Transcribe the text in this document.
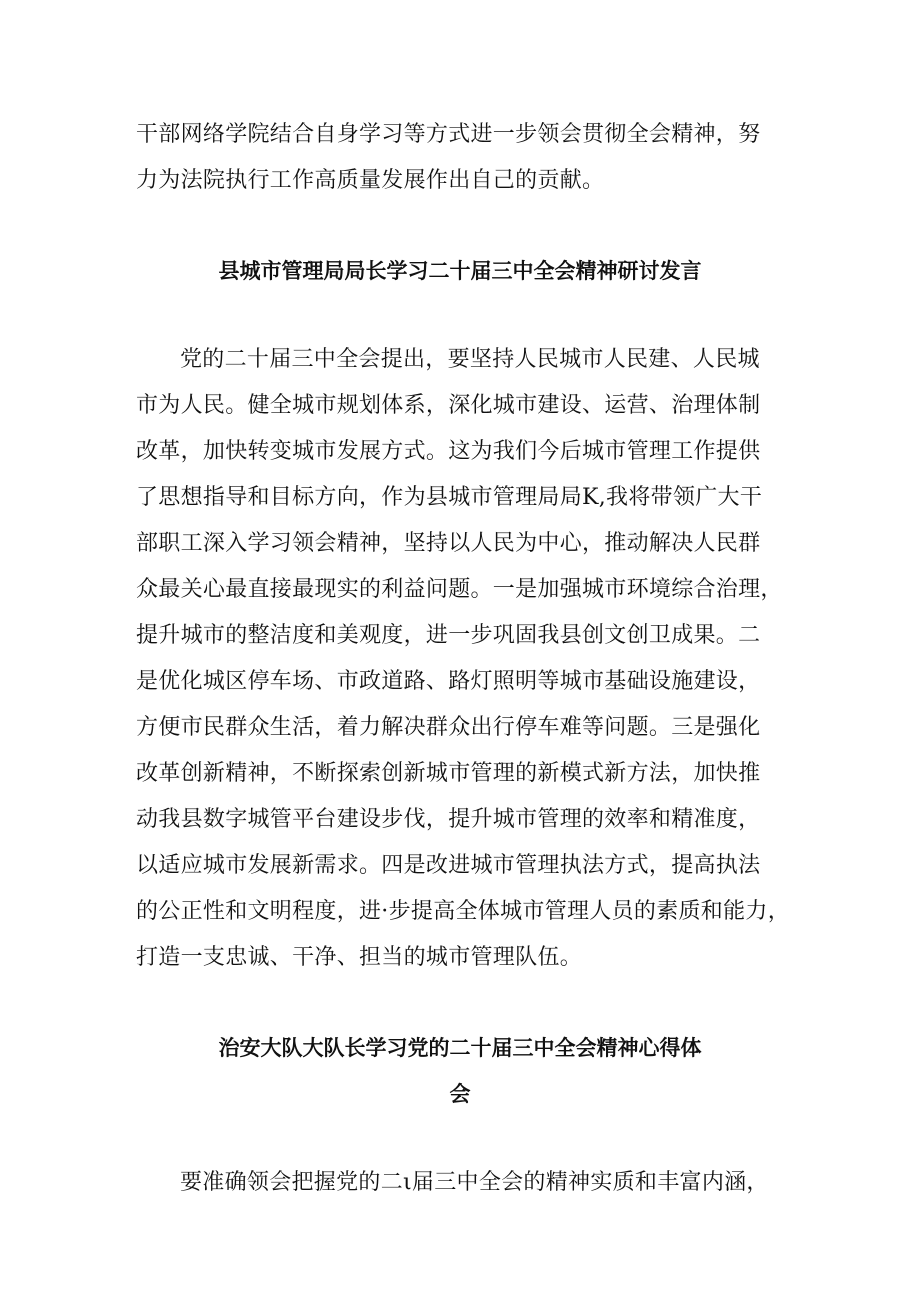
干部网络学院结合自身学习等方式进一步领会贯彻全会精神，努
力为法院执行工作高质量发展作出自己的贡献。
县城市管理局局长学习二十届三中全会精神研讨发言
党的二十届三中全会提出，要坚持人民城市人民建、人民城
市为人民。健全城市规划体系，深化城市建设、运营、治理体制
改革，加快转变城市发展方式。这为我们今后城市管理工作提供
了思想指导和目标方向，作为县城市管理局局K,我将带领广大干
部职工深入学习领会精神，坚持以人民为中心，推动解决人民群
众最关心最直接最现实的利益问题。一是加强城市环境综合治理，
提升城市的整洁度和美观度，进一步巩固我县创文创卫成果。二
是优化城区停车场、市政道路、路灯照明等城市基础设施建设，
方便市民群众生活，着力解决群众出行停车难等问题。三是强化
改革创新精神，不断探索创新城市管理的新模式新方法，加快推
动我县数字城管平台建设步伐，提升城市管理的效率和精准度，
以适应城市发展新需求。四是改进城市管理执法方式，提高执法
的公正性和文明程度，进·步提高全体城市管理人员的素质和能力，
打造一支忠诚、干净、担当的城市管理队伍。
治安大队大队长学习党的二十届三中全会精神心得体
会
要准确领会把握党的二ι届三中全会的精神实质和丰富内涵，
